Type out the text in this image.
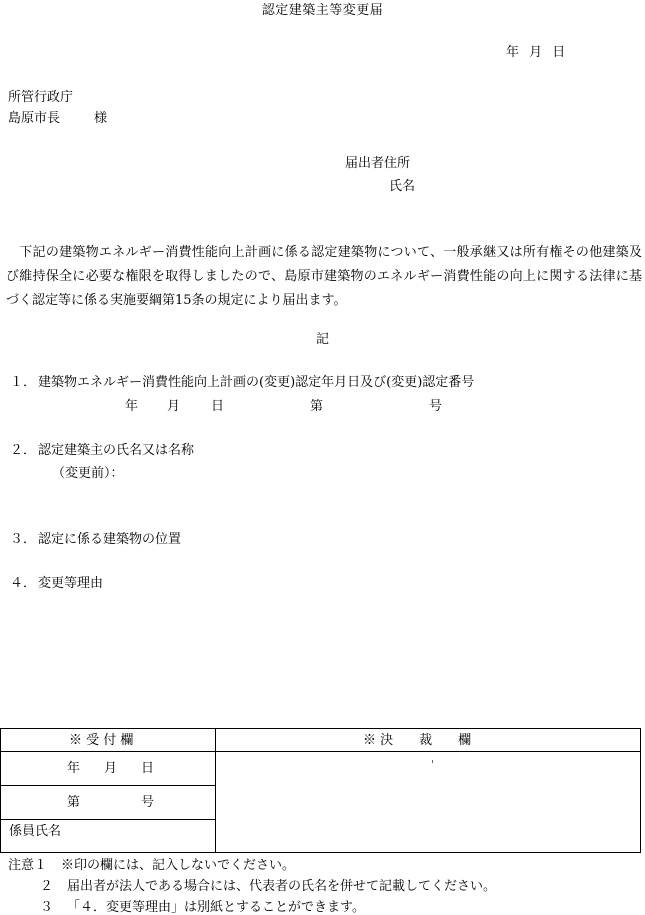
認定建築主等変更届
年 月 日
所管行政庁
島原市長	様
届出者住所
氏名
　下記の建築物エネルギー消費性能向上計画に係る認定建築物について、一般承継又は所有権その他建築及び維持保全に必要な権限を取得しましたので、島原市建築物のエネルギー消費性能の向上に関する法律に基づく認定等に係る実施要綱第15条の規定により届出ます。
記
１． 建築物エネルギー消費性能向上計画の(変更)認定年月日及び(変更)認定番号
年 月 日	第	号
２． 認定建築主の氏名又は名称
（変更前）：
３． 認定に係る建築物の位置
４． 変更等理由
※ 受 付 欄	※ 決　　裁　　欄
年 月 日
第	号
係員氏名
注意１ ※印の欄には、記入しないでください。
２ 届出者が法人である場合には、代表者の氏名を併せて記載してください。
３ 「４．変更等理由」は別紙とすることができます。
